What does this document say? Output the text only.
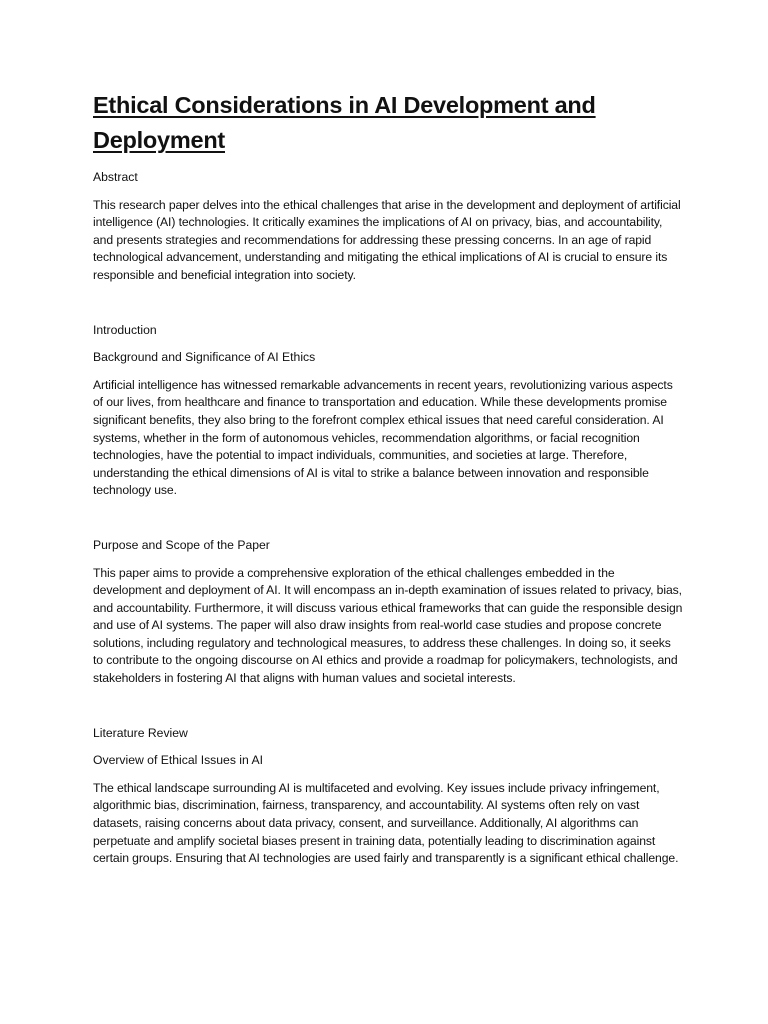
Ethical Considerations in AI Development and Deployment

Abstract

This research paper delves into the ethical challenges that arise in the development and deployment of artificial intelligence (AI) technologies. It critically examines the implications of AI on privacy, bias, and accountability, and presents strategies and recommendations for addressing these pressing concerns. In an age of rapid technological advancement, understanding and mitigating the ethical implications of AI is crucial to ensure its responsible and beneficial integration into society.

Introduction

Background and Significance of AI Ethics

Artificial intelligence has witnessed remarkable advancements in recent years, revolutionizing various aspects of our lives, from healthcare and finance to transportation and education. While these developments promise significant benefits, they also bring to the forefront complex ethical issues that need careful consideration. AI systems, whether in the form of autonomous vehicles, recommendation algorithms, or facial recognition technologies, have the potential to impact individuals, communities, and societies at large. Therefore, understanding the ethical dimensions of AI is vital to strike a balance between innovation and responsible technology use.

Purpose and Scope of the Paper

This paper aims to provide a comprehensive exploration of the ethical challenges embedded in the development and deployment of AI. It will encompass an in-depth examination of issues related to privacy, bias, and accountability. Furthermore, it will discuss various ethical frameworks that can guide the responsible design and use of AI systems. The paper will also draw insights from real-world case studies and propose concrete solutions, including regulatory and technological measures, to address these challenges. In doing so, it seeks to contribute to the ongoing discourse on AI ethics and provide a roadmap for policymakers, technologists, and stakeholders in fostering AI that aligns with human values and societal interests.

Literature Review

Overview of Ethical Issues in AI

The ethical landscape surrounding AI is multifaceted and evolving. Key issues include privacy infringement, algorithmic bias, discrimination, fairness, transparency, and accountability. AI systems often rely on vast datasets, raising concerns about data privacy, consent, and surveillance. Additionally, AI algorithms can perpetuate and amplify societal biases present in training data, potentially leading to discrimination against certain groups. Ensuring that AI technologies are used fairly and transparently is a significant ethical challenge.
